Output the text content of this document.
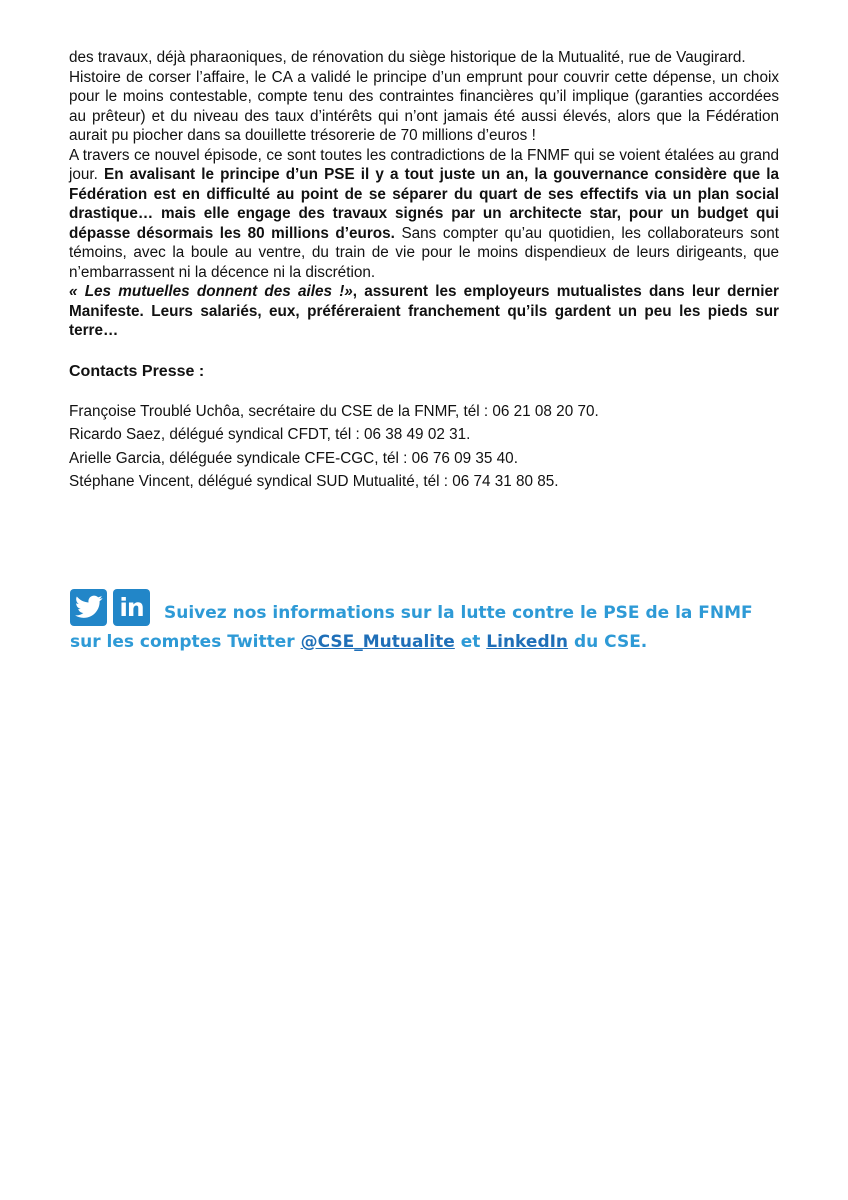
des travaux, déjà pharaoniques, de rénovation du siège historique de la Mutualité, rue de Vaugirard.

Histoire de corser l’affaire, le CA a validé le principe d’un emprunt pour couvrir cette dépense, un choix pour le moins contestable, compte tenu des contraintes financières qu’il implique (garanties accordées au prêteur) et du niveau des taux d’intérêts qui n’ont jamais été aussi élevés, alors que la Fédération aurait pu piocher dans sa douillette trésorerie de 70 millions d’euros !

A travers ce nouvel épisode, ce sont toutes les contradictions de la FNMF qui se voient étalées au grand jour. En avalisant le principe d’un PSE il y a tout juste un an, la gouvernance considère que la Fédération est en difficulté au point de se séparer du quart de ses effectifs via un plan social drastique… mais elle engage des travaux signés par un architecte star, pour un budget qui dépasse désormais les 80 millions d’euros. Sans compter qu’au quotidien, les collaborateurs sont témoins, avec la boule au ventre, du train de vie pour le moins dispendieux de leurs dirigeants, que n’embarrassent ni la décence ni la discrétion.

« Les mutuelles donnent des ailes !», assurent les employeurs mutualistes dans leur dernier Manifeste. Leurs salariés, eux, préféreraient franchement qu’ils gardent un peu les pieds sur terre…

Contacts Presse :

Françoise Troublé Uchôa, secrétaire du CSE de la FNMF, tél : 06 21 08 20 70.

Ricardo Saez, délégué syndical CFDT, tél : 06 38 49 02 31.

Arielle Garcia, déléguée syndicale CFE-CGC, tél : 06 76 09 35 40.

Stéphane Vincent, délégué syndical SUD Mutualité, tél : 06 74 31 80 85.

in Suivez nos informations sur la lutte contre le PSE de la FNMF
sur les comptes Twitter @CSE_Mutualite et LinkedIn du CSE.
